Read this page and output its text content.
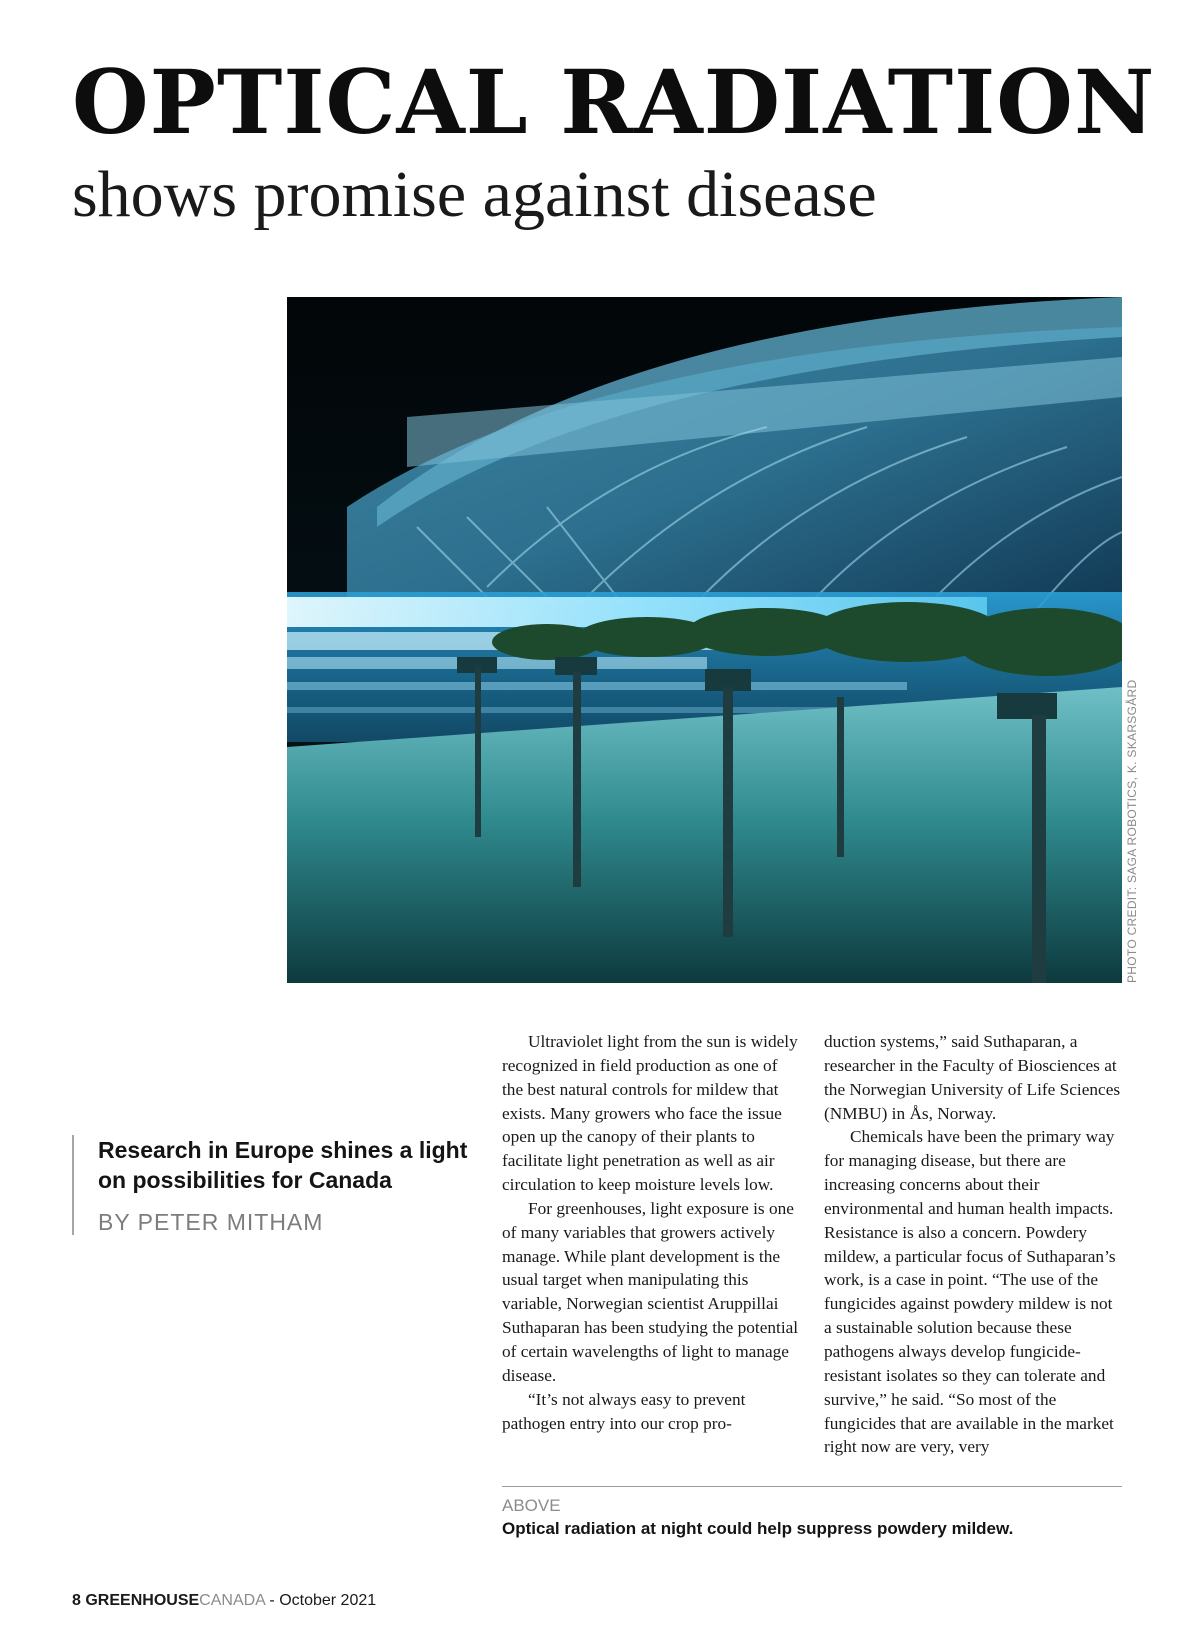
OPTICAL RADIATION
shows promise against disease
PHOTO CREDIT: SAGA ROBOTICS, K. SKARSGÅRD
Research in Europe shines a light on possibilities for Canada
BY PETER MITHAM

Ultraviolet light from the sun is widely recognized in field production as one of the best natural controls for mildew that exists. Many growers who face the issue open up the canopy of their plants to facilitate light penetration as well as air circulation to keep moisture levels low.

For greenhouses, light exposure is one of many variables that growers actively manage. While plant development is the usual target when manipulating this variable, Norwegian scientist Aruppillai Suthaparan has been studying the potential of certain wavelengths of light to manage disease.

“It’s not always easy to prevent pathogen entry into our crop pro-

duction systems,” said Suthaparan, a researcher in the Faculty of Biosciences at the Norwegian University of Life Sciences (NMBU) in Ås, Norway.

Chemicals have been the primary way for managing disease, but there are increasing concerns about their environmental and human health impacts. Resistance is also a concern. Powdery mildew, a particular focus of Suthaparan’s work, is a case in point. “The use of the fungicides against powdery mildew is not a sustainable solution because these pathogens always develop fungicide-resistant isolates so they can tolerate and survive,” he said. “So most of the fungicides that are available in the market right now are very, very

ABOVE
Optical radiation at night could help suppress powdery mildew.
8 GREENHOUSECANADA - October 2021
